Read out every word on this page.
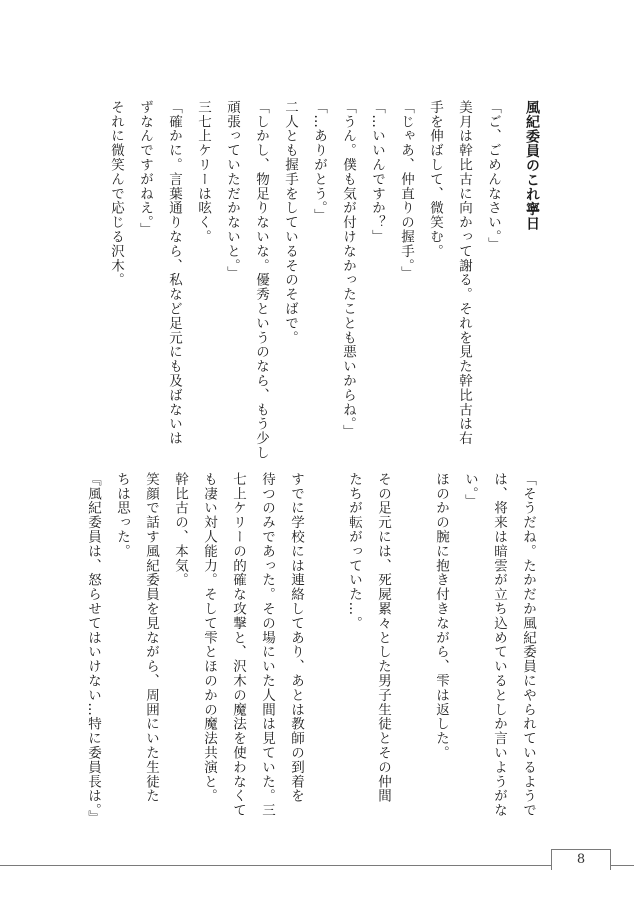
風紀委員のこれ寧日
「ご、ごめんなさい。」
美月は幹比古に向かって謝る。それを見た幹比古は右
手を伸ばして、微笑む。
「じゃあ、仲直りの握手。」
「…いいんですか？」
「うん。僕も気が付けなかったことも悪いからね。」
「…ありがとう。」
二人とも握手をしているそのそばで。
「しかし、物足りないな。優秀というのなら、もう少し
頑張っていただかないと。」
三七上ケリーは呟く。
「確かに。言葉通りなら、私など足元にも及ばないは
ずなんですがねえ。」
それに微笑んで応じる沢木。
「そうだね。たかだか風紀委員にやられているようで
は、将来は暗雲が立ち込めているとしか言いようがな
い。」
ほのかの腕に抱き付きながら、雫は返した。

その足元には、死屍累々とした男子生徒とその仲間
たちが転がっていた…。

すでに学校には連絡してあり、あとは教師の到着を
待つのみであった。その場にいた人間は見ていた。三
七上ケリーの的確な攻撃と、沢木の魔法を使わなくて
も凄い対人能力。そして雫とほのかの魔法共演と。
幹比古の、本気。
笑顔で話す風紀委員を見ながら、周囲にいた生徒た
ちは思った。
『風紀委員は、怒らせてはいけない…特に委員長は。』
8
